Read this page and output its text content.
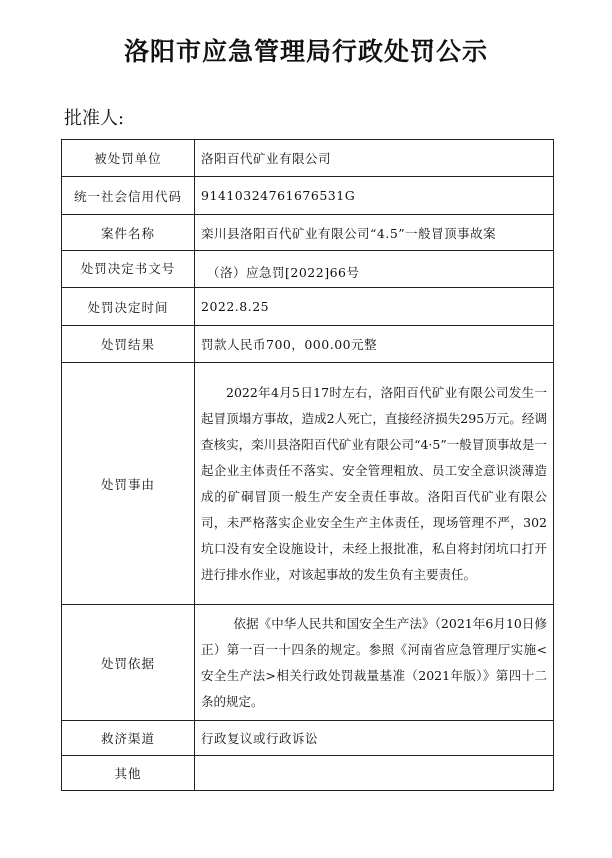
洛阳市应急管理局行政处罚公示
批准人:
被处罚单位	洛阳百代矿业有限公司
统一社会信用代码	91410324761676531G
案件名称	栾川县洛阳百代矿业有限公司“4.5”一般冒顶事故案
处罚决定书文号	（洛）应急罚[2022]66号
处罚决定时间	2022.8.25
处罚结果	罚款人民币700，000.00元整
处罚事由	2022年4月5日17时左右，洛阳百代矿业有限公司发生一起冒顶塌方事故，造成2人死亡，直接经济损失295万元。经调查核实，栾川县洛阳百代矿业有限公司“4·5”一般冒顶事故是一起企业主体责任不落实、安全管理粗放、员工安全意识淡薄造成的矿硐冒顶一般生产安全责任事故。洛阳百代矿业有限公司，未严格落实企业安全生产主体责任，现场管理不严，302坑口没有安全设施设计，未经上报批准，私自将封闭坑口打开进行排水作业，对该起事故的发生负有主要责任。
处罚依据	依据《中华人民共和国安全生产法》（2021年6月10日修正）第一百一十四条的规定。参照《河南省应急管理厅实施<安全生产法>相关行政处罚裁量基准（2021年版）》第四十二条的规定。
救济渠道	行政复议或行政诉讼
其他	
